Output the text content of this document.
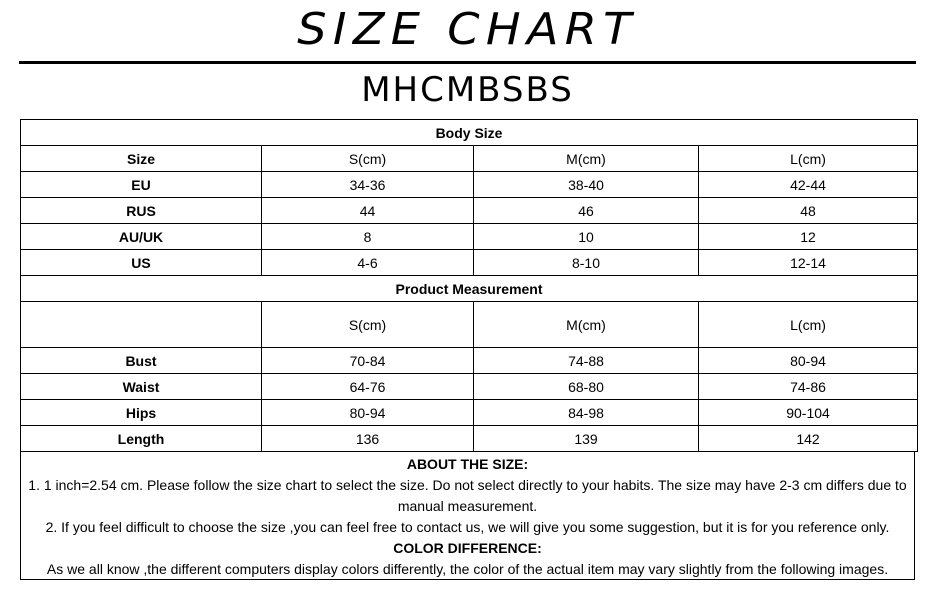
SIZE CHART
MHCMBSBS
Body Size			
Size	S(cm)	M(cm)	L(cm)
EU	34-36	38-40	42-44
RUS	44	46	48
AU/UK	8	10	12
US	4-6	8-10	12-14
Product Measurement			
	S(cm)	M(cm)	L(cm)
Bust	70-84	74-88	80-94
Waist	64-76	68-80	74-86
Hips	80-94	84-98	90-104
Length	136	139	142
ABOUT THE SIZE:
1. 1 inch=2.54 cm. Please follow the size chart to select the size. Do not select directly to your habits. The size may have 2-3 cm differs due to manual measurement.
2. If you feel difficult to choose the size ,you can feel free to contact us, we will give you some suggestion, but it is for you reference only.
COLOR DIFFERENCE:
As we all know ,the different computers display colors differently, the color of the actual item may vary slightly from the following images.
